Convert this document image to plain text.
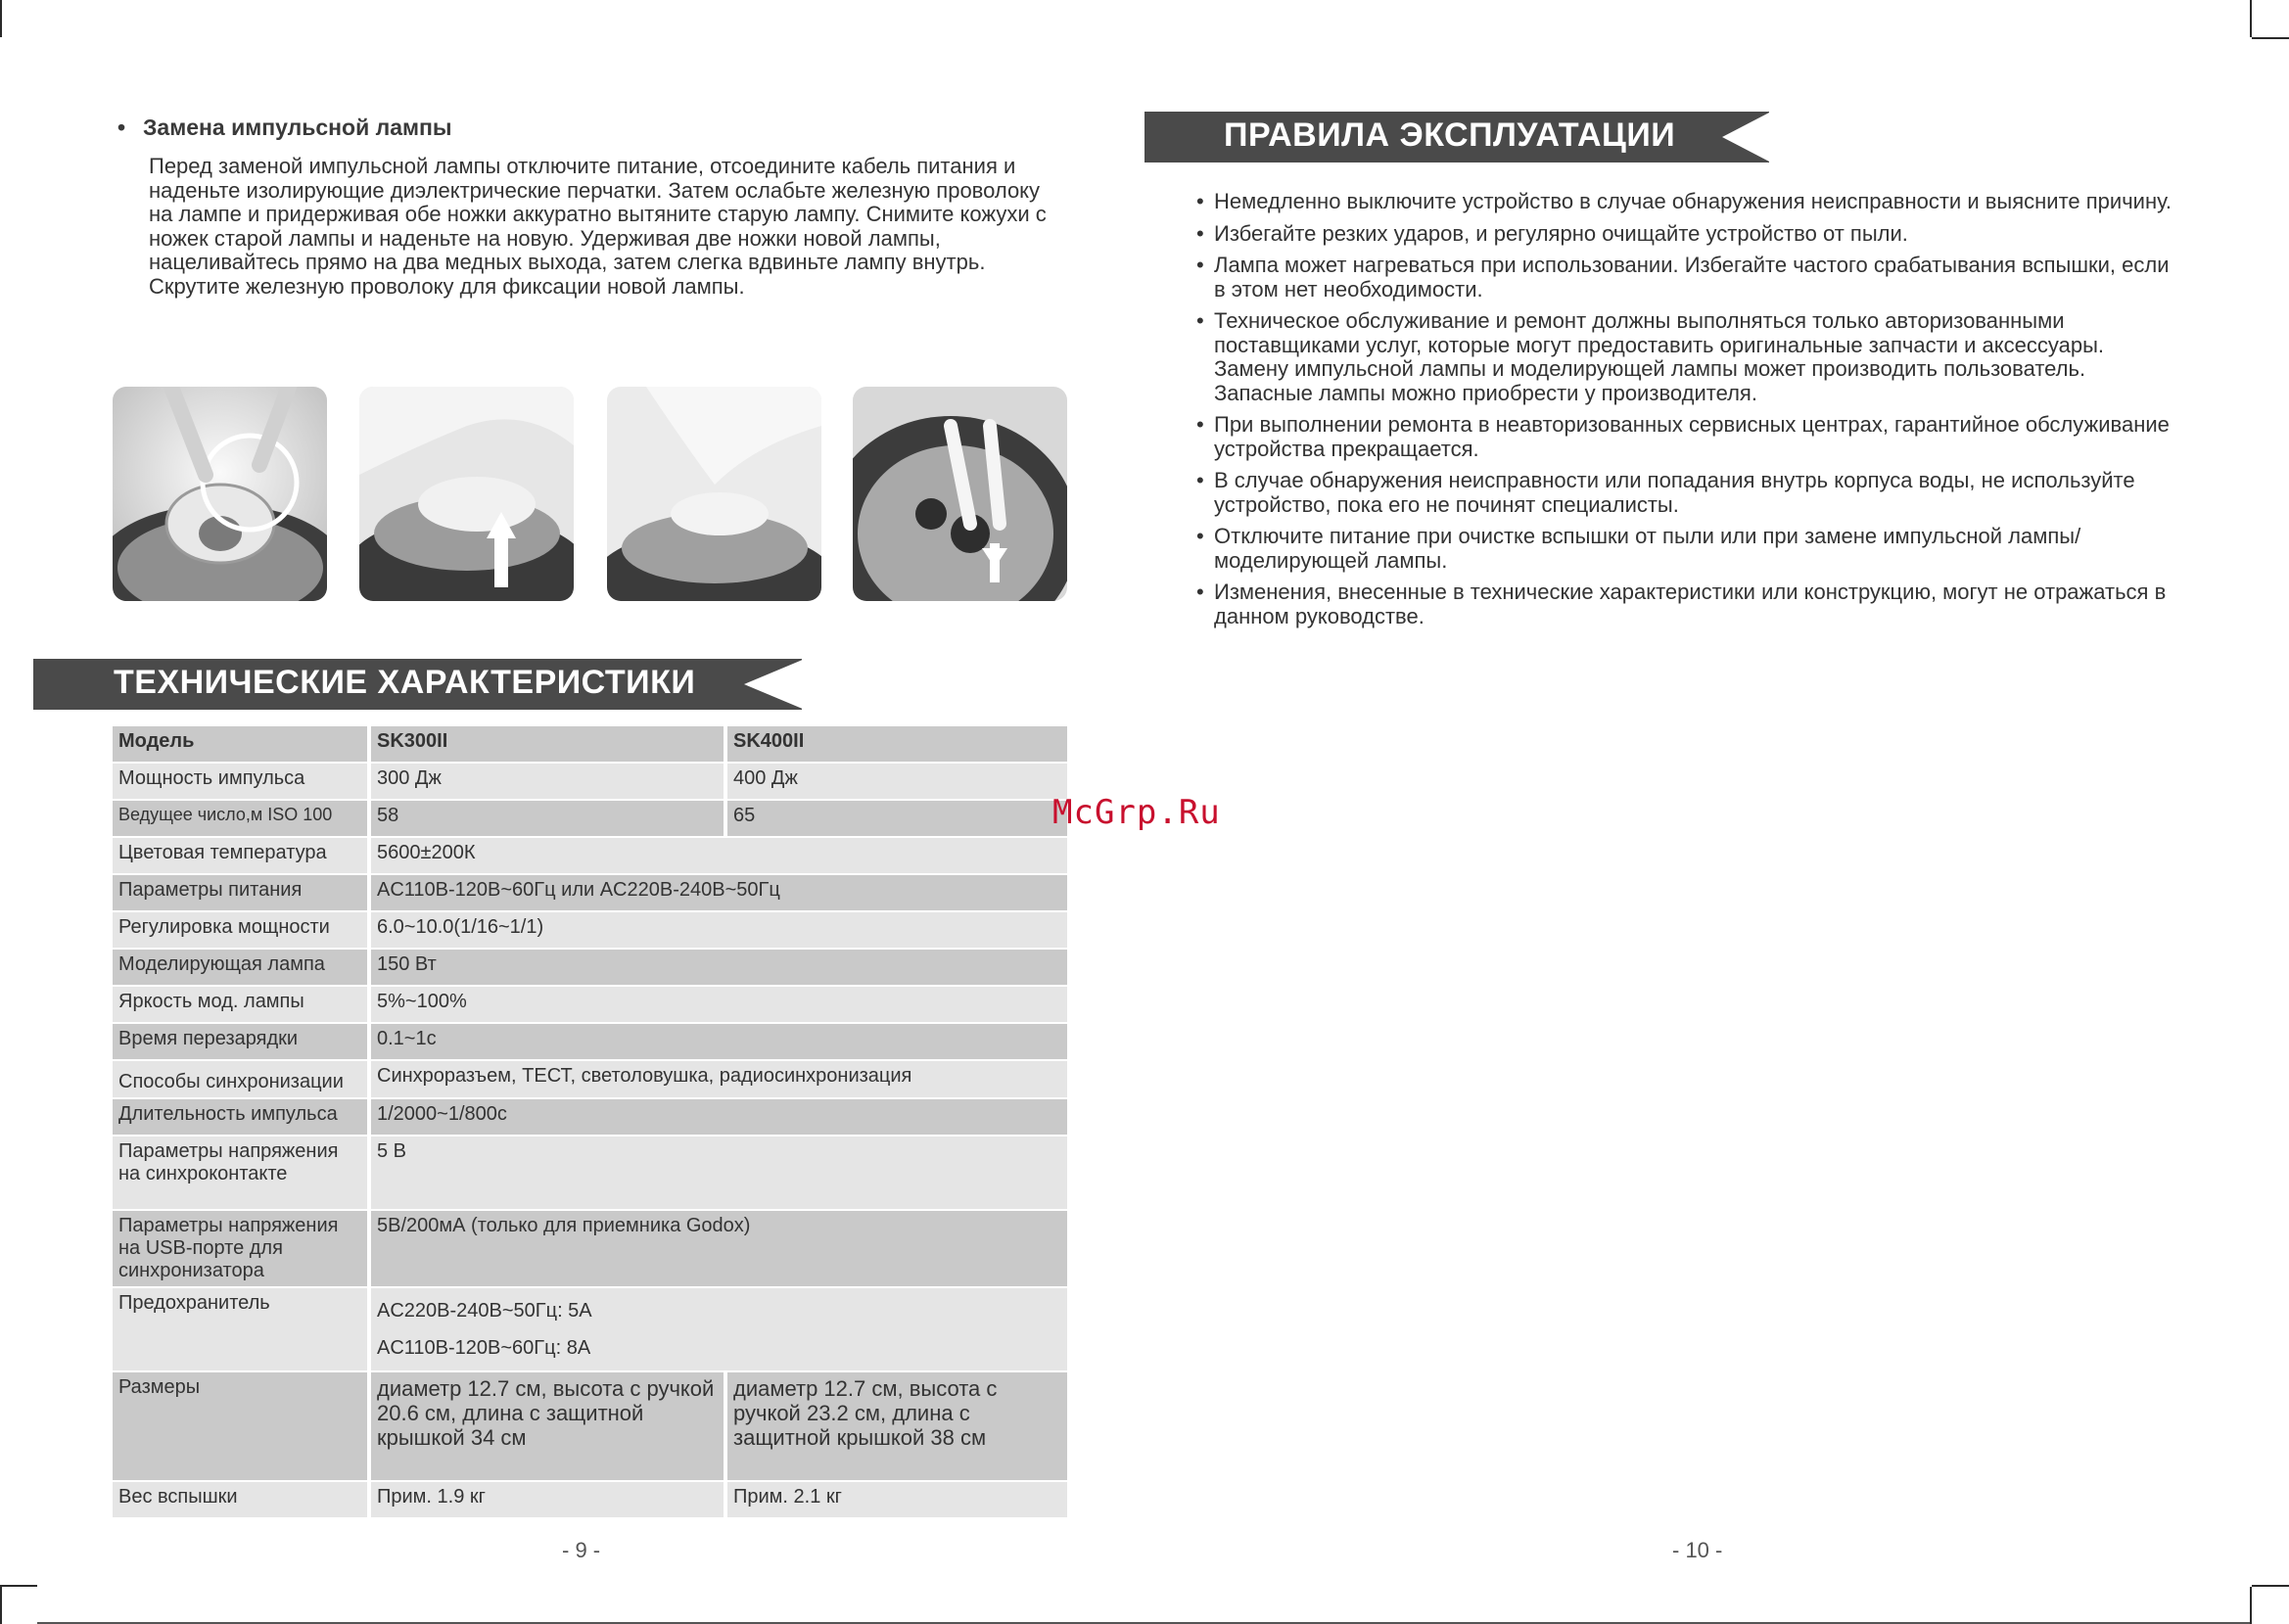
• Замена импульсной лампы
Перед заменой импульсной лампы отключите питание, отсоедините кабель питания и наденьте изолирующие диэлектрические перчатки. Затем ослабьте железную проволоку на лампе и придерживая обе ножки аккуратно вытяните старую лампу. Снимите кожухи с ножек старой лампы и наденьте на новую. Удерживая две ножки новой лампы, нацеливайтесь прямо на два медных выхода, затем слегка вдвиньте лампу внутрь. Скрутите железную проволоку для фиксации новой лампы.
ТЕХНИЧЕСКИЕ ХАРАКТЕРИСТИКИ
Модель	SK300II	SK400II
Мощность импульса	300 Дж	400 Дж
Ведущее число,м ISO 100	58	65
Цветовая температура	5600±200К	
Параметры питания	AC110В-120В~60Гц или AC220В-240В~50Гц	
Регулировка мощности	6.0~10.0(1/16~1/1)	
Моделирующая лампа	150 Вт	
Яркость мод. лампы	5%~100%	
Время перезарядки	0.1~1с	
Способы синхронизации	Синхроразъем, ТЕСТ, светоловушка, радиосинхронизация	
Длительность импульса	1/2000~1/800с	
Параметры напряжения на синхроконтакте	5 В	
Параметры напряжения на USB-порте для синхронизатора	5В/200мА (только для приемника Godox)	
Предохранитель	AC220В-240В~50Гц: 5A
AC110В-120В~60Гц: 8A	

Размеры	диаметр 12.7 см, высота с ручкой 20.6 см, длина с защитной крышкой 34 см	диаметр 12.7 см, высота с ручкой 23.2 см, длина с защитной крышкой 38 см
Вес вспышки	Прим. 1.9 кг	Прим. 2.1 кг
- 9 -
ПРАВИЛА ЭКСПЛУАТАЦИИ
• Немедленно выключите устройство в случае обнаружения неисправности и выясните причину.
• Избегайте резких ударов, и регулярно очищайте устройство от пыли.
• Лампа может нагреваться при использовании. Избегайте частого срабатывания вспышки, если в этом нет необходимости.
• Техническое обслуживание и ремонт должны выполняться только авторизованными поставщиками услуг, которые могут предоставить оригинальные запчасти и аксессуары. Замену импульсной лампы и моделирующей лампы может производить пользователь. Запасные лампы можно приобрести у производителя.
• При выполнении ремонта в неавторизованных сервисных центрах, гарантийное обслуживание устройства прекращается.
• В случае обнаружения неисправности или попадания внутрь корпуса воды, не используйте устройство, пока его не починят специалисты.
• Отключите питание при очистке вспышки от пыли или при замене импульсной лампы/моделирующей лампы.
• Изменения, внесенные в технические характеристики или конструкцию, могут не отражаться в данном руководстве.
- 10 -
McGrp.Ru
